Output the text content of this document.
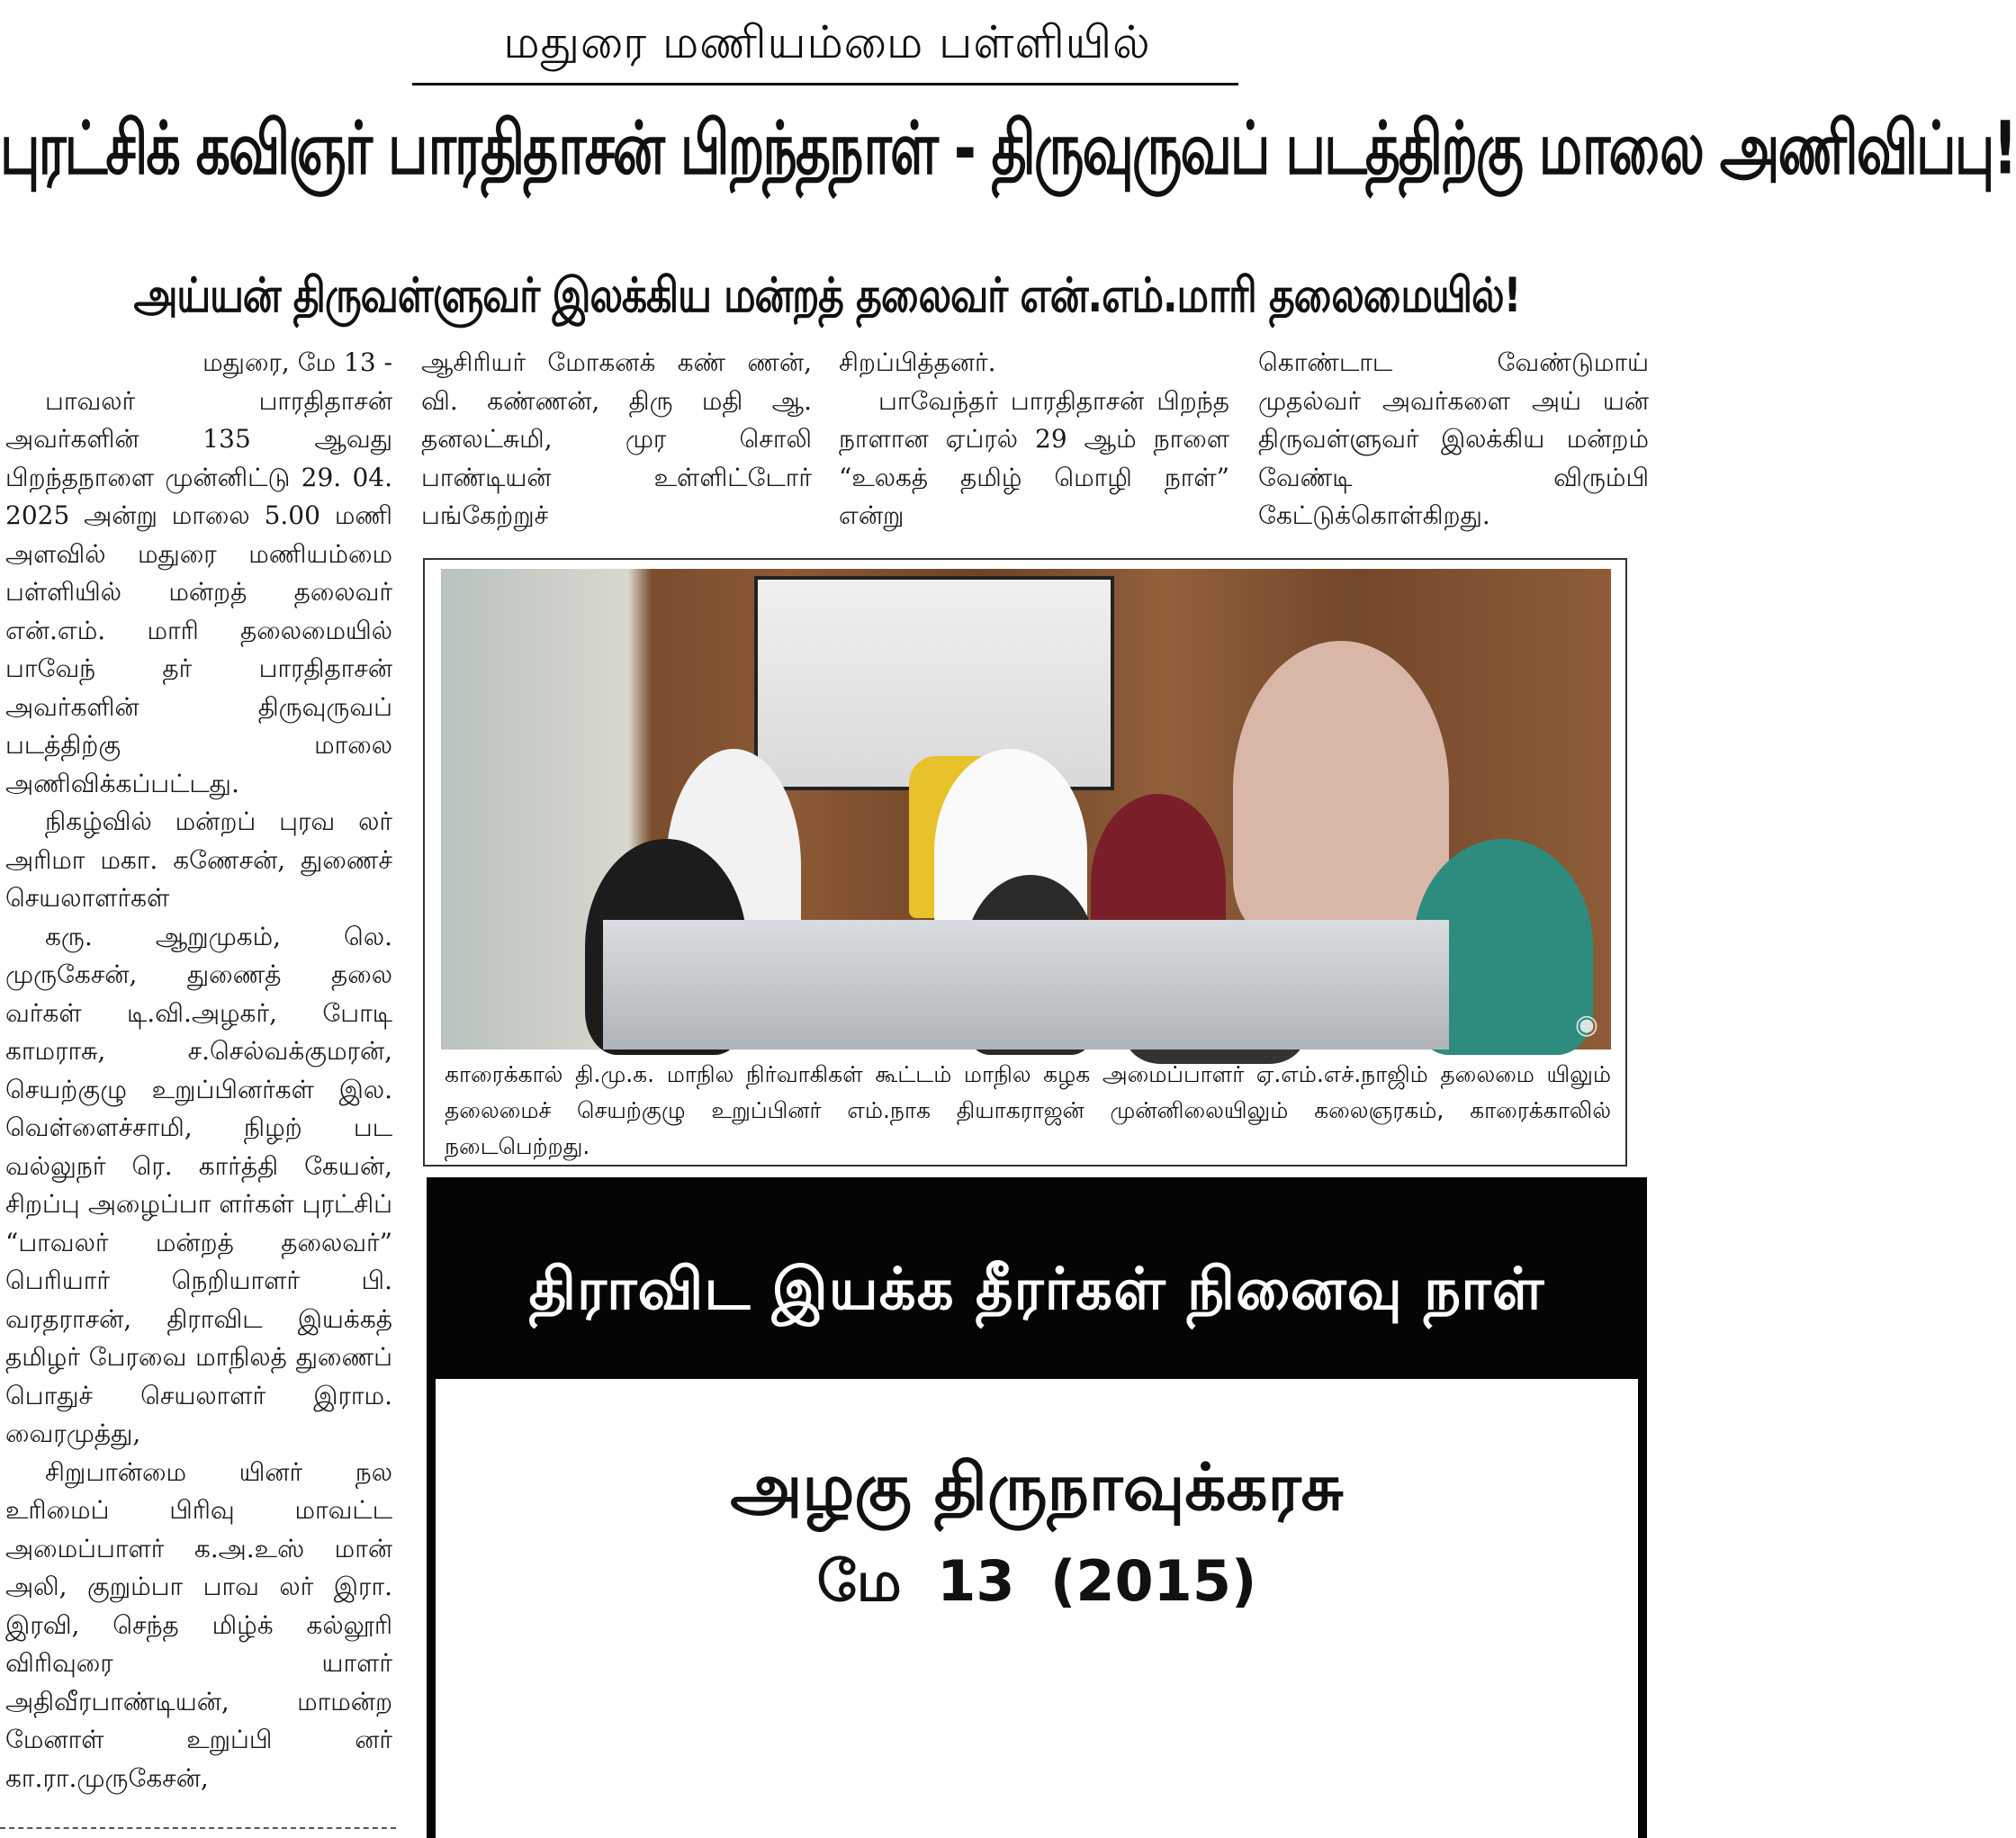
மதுரை மணியம்மை பள்ளியில்
புரட்சிக் கவிஞர் பாரதிதாசன் பிறந்தநாள் - திருவுருவப் படத்திற்கு மாலை அணிவிப்பு!
அய்யன் திருவள்ளுவர் இலக்கிய மன்றத் தலைவர் என்.எம்.மாரி தலைமையில்!

மதுரை, மே 13 -

பாவலர் பாரதிதாசன் அவர்களின் 135 ஆவது பிறந்தநாளை முன்னிட்டு 29. 04. 2025 அன்று மாலை 5.00 மணி அளவில் மதுரை மணியம்மை பள்ளியில் மன்றத் தலைவர் என்.எம். மாரி தலைமையில் பாவேந் தர் பாரதிதாசன் அவர்களின் திருவுருவப் படத்திற்கு மாலை அணிவிக்கப்பட்டது.

நிகழ்வில் மன்றப் புரவ லர் அரிமா மகா. கணேசன், துணைச் செயலாளர்கள்

கரு. ஆறுமுகம், லெ. முருகேசன், துணைத் தலை வர்கள் டி.வி.அழகர், போடி காமராசு, ச.செல்வக்குமரன், செயற்குழு உறுப்பினர்கள் இல. வெள்ளைச்சாமி, நிழற் பட வல்லுநர் ரெ. கார்த்தி கேயன், சிறப்பு அழைப்பா ளர்கள் புரட்சிப் “பாவலர் மன்றத் தலைவர்” பெரியார் நெறியாளர் பி. வரதராசன், திராவிட இயக்கத் தமிழர் பேரவை மாநிலத் துணைப் பொதுச் செயலாளர் இராம. வைரமுத்து,

சிறுபான்மை யினர் நல உரிமைப் பிரிவு மாவட்ட அமைப்பாளர் க.அ.உஸ் மான் அலி, குறும்பா பாவ லர் இரா. இரவி, செந்த மிழ்க் கல்லூரி விரிவுரை யாளர் அதிவீரபாண்டியன், மாமன்ற மேனாள் உறுப்பி னர் கா.ரா.முருகேசன்,

ஆசிரியர் மோகனக் கண் ணன், வி. கண்ணன், திரு மதி ஆ. தனலட்சுமி, முர சொலி பாண்டியன் உள்ளிட்டோர் பங்கேற்றுச்

சிறப்பித்தனர்.

பாவேந்தர் பாரதிதாசன் பிறந்த நாளான ஏப்ரல் 29 ஆம் நாளை “உலகத் தமிழ் மொழி நாள்” என்று

கொண்டாட வேண்டுமாய் முதல்வர் அவர்களை அய் யன் திருவள்ளுவர் இலக்கிய மன்றம் வேண்டி விரும்பி கேட்டுக்கொள்கிறது.

◉
காரைக்கால் தி.மு.க. மாநில நிர்வாகிகள் கூட்டம் மாநில கழக அமைப்பாளர் ஏ.எம்.எச்.நாஜிம் தலைமை யிலும் தலைமைச் செயற்குழு உறுப்பினர் எம்.நாக தியாகராஜன் முன்னிலையிலும் கலைஞரகம், காரைக்காலில் நடைபெற்றது.
திராவிட இயக்க தீரர்கள் நினைவு நாள்
அழகு திருநாவுக்கரசு
மே 13 (2015)
